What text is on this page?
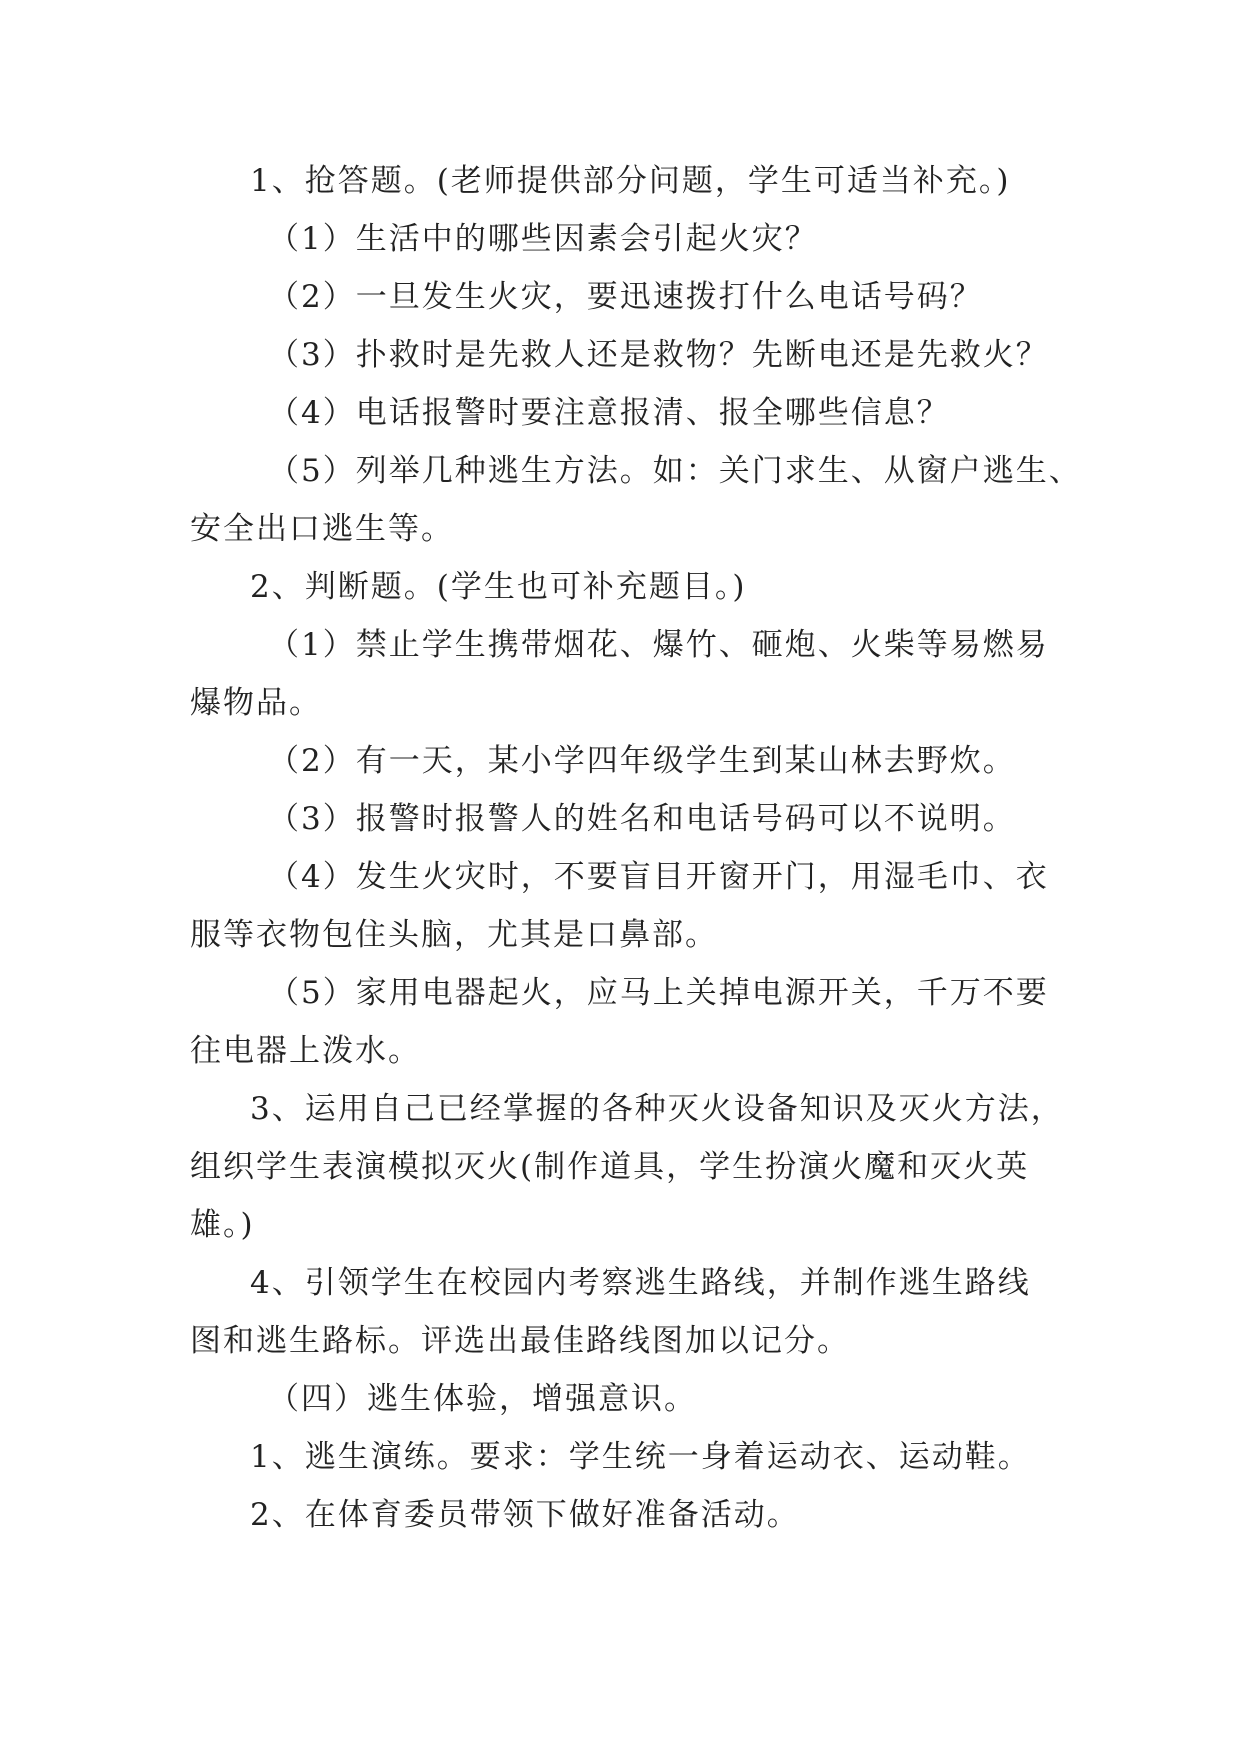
1、抢答题。(老师提供部分问题，学生可适当补充。)
（1）生活中的哪些因素会引起火灾？
（2）一旦发生火灾，要迅速拨打什么电话号码？
（3）扑救时是先救人还是救物？先断电还是先救火？
（4）电话报警时要注意报清、报全哪些信息？
（5）列举几种逃生方法。如：关门求生、从窗户逃生、
安全出口逃生等。
2、判断题。(学生也可补充题目。)
（1）禁止学生携带烟花、爆竹、砸炮、火柴等易燃易
爆物品。
（2）有一天，某小学四年级学生到某山林去野炊。
（3）报警时报警人的姓名和电话号码可以不说明。
（4）发生火灾时，不要盲目开窗开门，用湿毛巾、衣
服等衣物包住头脑，尤其是口鼻部。
（5）家用电器起火，应马上关掉电源开关，千万不要
往电器上泼水。
3、运用自己已经掌握的各种灭火设备知识及灭火方法，
组织学生表演模拟灭火(制作道具，学生扮演火魔和灭火英
雄。)
4、引领学生在校园内考察逃生路线，并制作逃生路线
图和逃生路标。评选出最佳路线图加以记分。
（四）逃生体验，增强意识。
1、逃生演练。要求：学生统一身着运动衣、运动鞋。
2、在体育委员带领下做好准备活动。
